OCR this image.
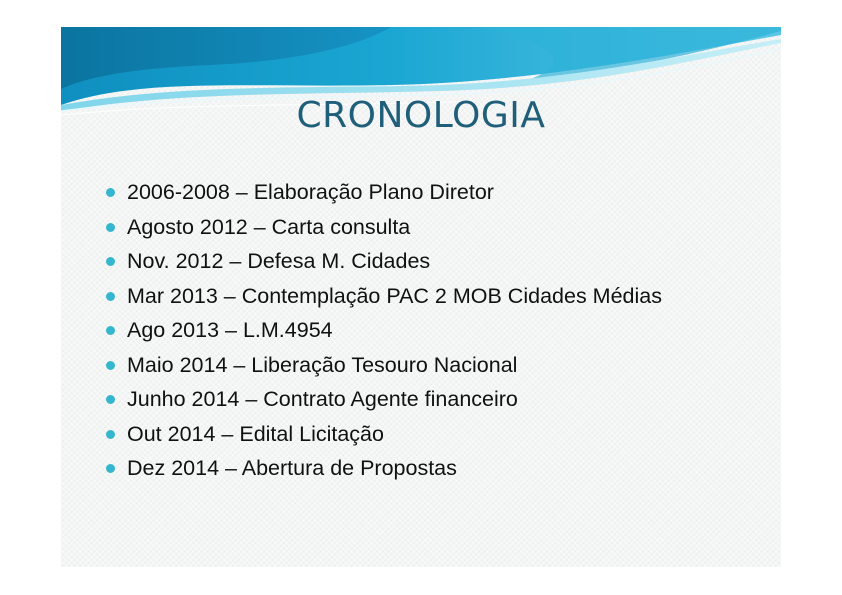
CRONOLOGIA
2006-2008 – Elaboração Plano Diretor
Agosto 2012 – Carta consulta
Nov. 2012 – Defesa M. Cidades
Mar 2013 – Contemplação PAC 2 MOB Cidades Médias
Ago 2013 – L.M.4954
Maio 2014 – Liberação Tesouro Nacional
Junho 2014 – Contrato Agente financeiro
Out 2014 – Edital Licitação
Dez 2014 – Abertura de Propostas
